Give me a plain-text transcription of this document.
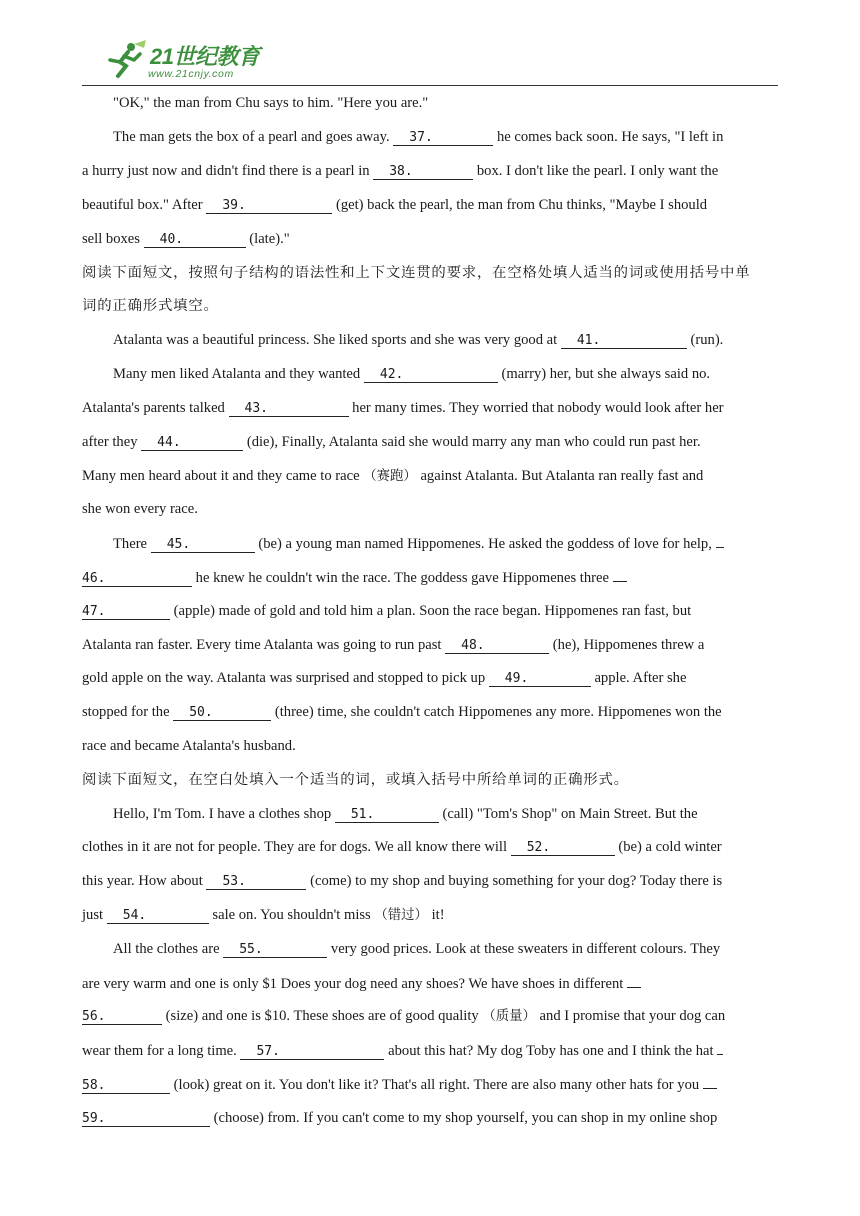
21世纪教育
www.21cnjy.com
"OK," the man from Chu says to him. "Here you are."
The man gets the box of a pearl and goes away. 37.	he comes back soon. He says, "I left in
a hurry just now and didn't find there is a pearl in 38.	box. I don't like the pearl. I only want the
beautiful box." After 39.	(get) back the pearl, the man from Chu thinks, "Maybe I should
sell boxes 40.	(late)."
阅读下面短文，按照句子结构的语法性和上下文连贯的要求，在空格处填人适当的词或使用括号中单
词的正确形式填空。
Atalanta was a beautiful princess. She liked sports and she was very good at 41.	(run).
Many men liked Atalanta and they wanted 42.	(marry) her, but she always said no.
Atalanta's parents talked 43.	her many times. They worried that nobody would look after her
after they 44.	(die), Finally, Atalanta said she would marry any man who could run past her.
Many men heard about it and they came to race （赛跑） against Atalanta. But Atalanta ran really fast and
she won every race.
There 45.	(be) a young man named Hippomenes. He asked the goddess of love for help,
46.	he knew he couldn't win the race. The goddess gave Hippomenes three
47.	(apple) made of gold and told him a plan. Soon the race began. Hippomenes ran fast, but
Atalanta ran faster. Every time Atalanta was going to run past 48.	(he), Hippomenes threw a
gold apple on the way. Atalanta was surprised and stopped to pick up 49.	apple. After she
stopped for the 50.	(three) time, she couldn't catch Hippomenes any more. Hippomenes won the
race and became Atalanta's husband.
阅读下面短文，在空白处填入一个适当的词，或填入括号中所给单词的正确形式。
Hello, I'm Tom. I have a clothes shop 51.	(call) "Tom's Shop" on Main Street. But the
clothes in it are not for people. They are for dogs. We all know there will 52.	(be) a cold winter
this year. How about 53.	(come) to my shop and buying something for your dog? Today there is
just 54.	sale on. You shouldn't miss （错过） it!
All the clothes are 55.	very good prices. Look at these sweaters in different colours. They
are very warm and one is only $1 Does your dog need any shoes? We have shoes in different
56.	(size) and one is $10. These shoes are of good quality （质量） and I promise that your dog can
wear them for a long time. 57.	about this hat? My dog Toby has one and I think the hat
58.	(look) great on it. You don't like it? That's all right. There are also many other hats for you
59.	(choose) from. If you can't come to my shop yourself, you can shop in my online shop
